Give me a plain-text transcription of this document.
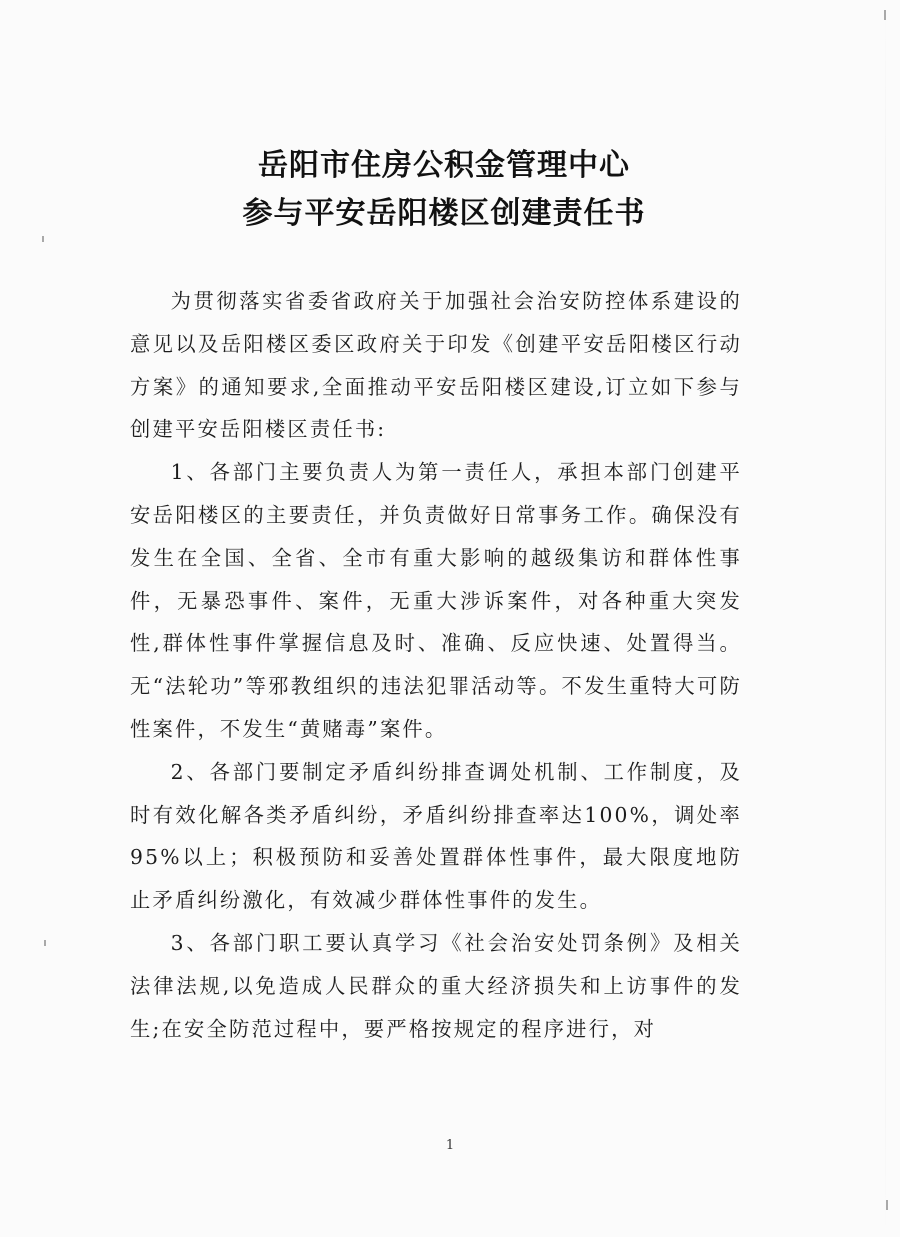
岳阳市住房公积金管理中心
参与平安岳阳楼区创建责任书

为贯彻落实省委省政府关于加强社会治安防控体系建设的意见以及岳阳楼区委区政府关于印发《创建平安岳阳楼区行动方案》的通知要求,全面推动平安岳阳楼区建设,订立如下参与创建平安岳阳楼区责任书:

1、各部门主要负责人为第一责任人，承担本部门创建平安岳阳楼区的主要责任，并负责做好日常事务工作。确保没有发生在全国、全省、全市有重大影响的越级集访和群体性事件，无暴恐事件、案件，无重大涉诉案件，对各种重大突发性,群体性事件掌握信息及时、准确、反应快速、处置得当。无“法轮功”等邪教组织的违法犯罪活动等。不发生重特大可防性案件，不发生“黄赌毒”案件。

2、各部门要制定矛盾纠纷排查调处机制、工作制度，及时有效化解各类矛盾纠纷，矛盾纠纷排查率达100%，调处率95%以上；积极预防和妥善处置群体性事件，最大限度地防止矛盾纠纷激化，有效减少群体性事件的发生。

3、各部门职工要认真学习《社会治安处罚条例》及相关法律法规,以免造成人民群众的重大经济损失和上访事件的发生;在安全防范过程中，要严格按规定的程序进行，对

1
